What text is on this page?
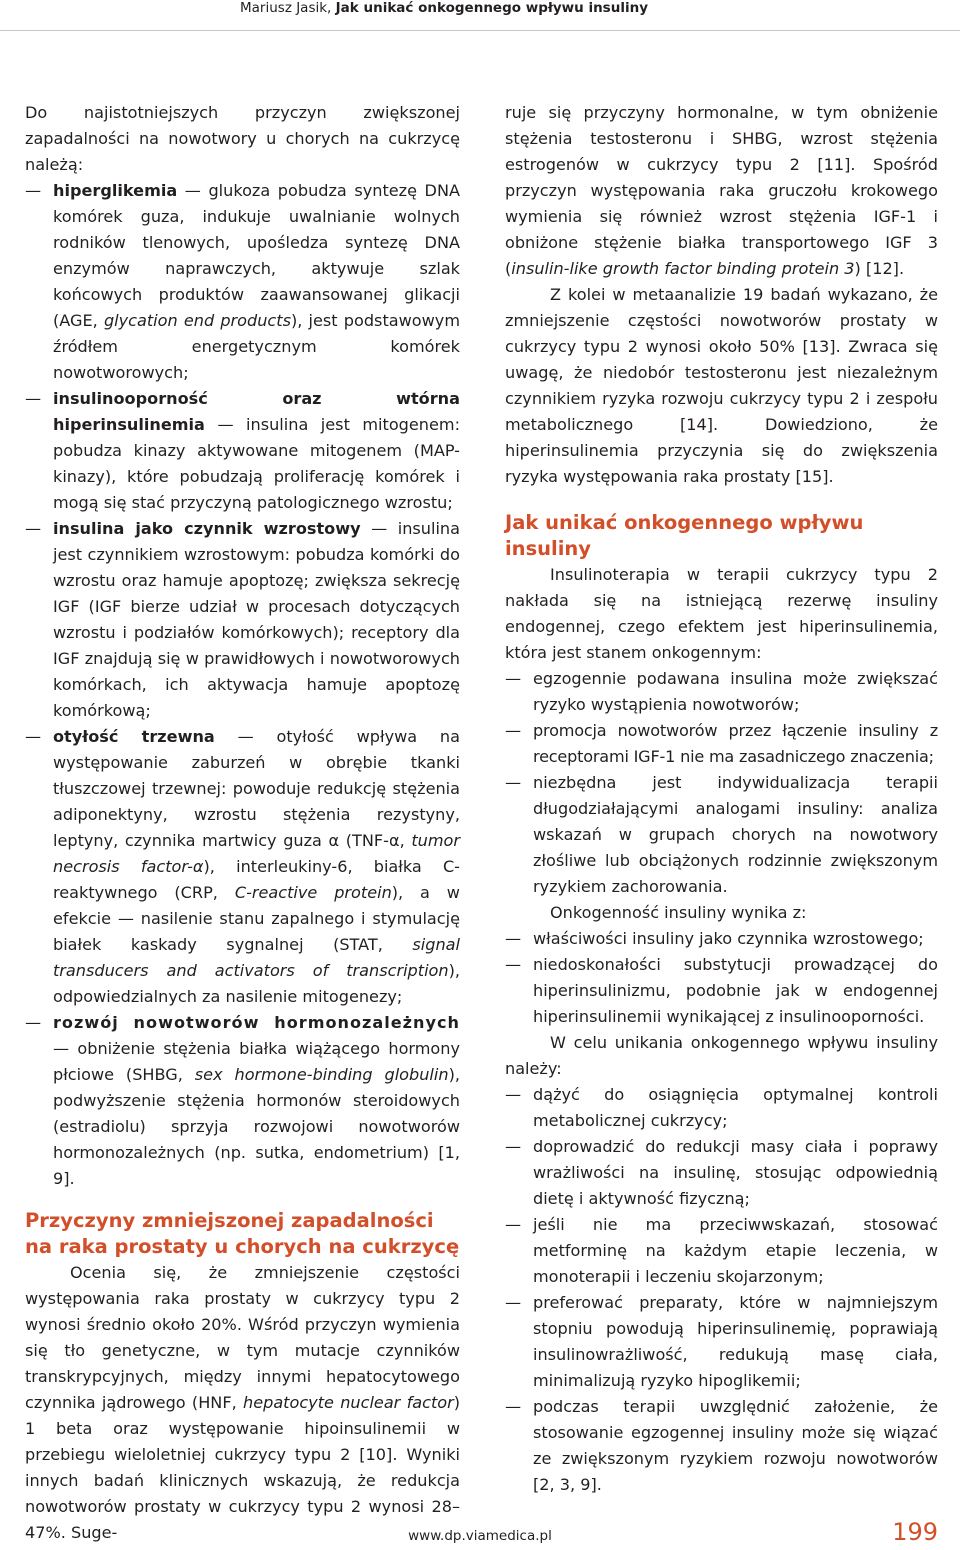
Mariusz Jasik, Jak unikać onkogennego wpływu insuliny

Do najistotniejszych przyczyn zwiększonej zapadalności na nowotwory u chorych na cukrzycę należą:

— hiperglikemia — glukoza pobudza syntezę DNA komórek guza, indukuje uwalnianie wolnych rodników tlenowych, upośledza syntezę DNA enzymów naprawczych, aktywuje szlak końcowych produktów zaawansowanej glikacji (AGE, glycation end products), jest podstawowym źródłem energetycznym komórek nowotworowych;

— insulinooporność oraz wtórna hiperinsulinemia — insulina jest mitogenem: pobudza kinazy aktywowane mitogenem (MAP-kinazy), które pobudzają proliferację komórek i mogą się stać przyczyną patologicznego wzrostu;

— insulina jako czynnik wzrostowy — insulina jest czynnikiem wzrostowym: pobudza komórki do wzrostu oraz hamuje apoptozę; zwiększa sekrecję IGF (IGF bierze udział w procesach dotyczących wzrostu i podziałów komórkowych); receptory dla IGF znajdują się w prawidłowych i nowotworowych komórkach, ich aktywacja hamuje apoptozę komórkową;

— otyłość trzewna — otyłość wpływa na występowanie zaburzeń w obrębie tkanki tłuszczowej trzewnej: powoduje redukcję stężenia adiponektyny, wzrostu stężenia rezystyny, leptyny, czynnika martwicy guza α (TNF-α, tumor necrosis factor-α), interleukiny-6, białka C-reaktywnego (CRP, C-reactive protein), a w efekcie — nasilenie stanu zapalnego i stymulację białek kaskady sygnalnej (STAT, signal transducers and activators of transcription), odpowiedzialnych za nasilenie mitogenezy;

— rozwój nowotworów hormonozależnych — obniżenie stężenia białka wiążącego hormony płciowe (SHBG, sex hormone-binding globulin), podwyższenie stężenia hormonów steroidowych (estradiolu) sprzyja rozwojowi nowotworów hormonozależnych (np. sutka, endometrium) [1, 9].

Przyczyny zmniejszonej zapadalności na raka prostaty u chorych na cukrzycę

Ocenia się, że zmniejszenie częstości występowania raka prostaty w cukrzycy typu 2 wynosi średnio około 20%. Wśród przyczyn wymienia się tło genetyczne, w tym mutacje czynników transkrypcyjnych, między innymi hepatocytowego czynnika jądrowego (HNF, hepatocyte nuclear factor) 1 beta oraz występowanie hipoinsulinemii w przebiegu wieloletniej cukrzycy typu 2 [10]. Wyniki innych badań klinicznych wskazują, że redukcja nowotworów prostaty w cukrzycy typu 2 wynosi 28–47%. Suge-

ruje się przyczyny hormonalne, w tym obniżenie stężenia testosteronu i SHBG, wzrost stężenia estrogenów w cukrzycy typu 2 [11]. Spośród przyczyn występowania raka gruczołu krokowego wymienia się również wzrost stężenia IGF-1 i obniżone stężenie białka transportowego IGF 3 (insulin-like growth factor binding protein 3) [12].

Z kolei w metaanalizie 19 badań wykazano, że zmniejszenie częstości nowotworów prostaty w cukrzycy typu 2 wynosi około 50% [13]. Zwraca się uwagę, że niedobór testosteronu jest niezależnym czynnikiem ryzyka rozwoju cukrzycy typu 2 i zespołu metabolicznego [14]. Dowiedziono, że hiperinsulinemia przyczynia się do zwiększenia ryzyka występowania raka prostaty [15].

Jak unikać onkogennego wpływu insuliny

Insulinoterapia w terapii cukrzycy typu 2 nakłada się na istniejącą rezerwę insuliny endogennej, czego efektem jest hiperinsulinemia, która jest stanem onkogennym:

— egzogennie podawana insulina może zwiększać ryzyko wystąpienia nowotworów;

— promocja nowotworów przez łączenie insuliny z receptorami IGF-1 nie ma zasadniczego znaczenia;

— niezbędna jest indywidualizacja terapii długodziałającymi analogami insuliny: analiza wskazań w grupach chorych na nowotwory złośliwe lub obciążonych rodzinnie zwiększonym ryzykiem zachorowania.

Onkogenność insuliny wynika z:

— właściwości insuliny jako czynnika wzrostowego;

— niedoskonałości substytucji prowadzącej do hiperinsulinizmu, podobnie jak w endogennej hiperinsulinemii wynikającej z insulinooporności.

W celu unikania onkogennego wpływu insuliny należy:

— dążyć do osiągnięcia optymalnej kontroli metabolicznej cukrzycy;

— doprowadzić do redukcji masy ciała i poprawy wrażliwości na insulinę, stosując odpowiednią dietę i aktywność fizyczną;

— jeśli nie ma przeciwwskazań, stosować metforminę na każdym etapie leczenia, w monoterapii i leczeniu skojarzonym;

— preferować preparaty, które w najmniejszym stopniu powodują hiperinsulinemię, poprawiają insulinowrażliwość, redukują masę ciała, minimalizują ryzyko hipoglikemii;

— podczas terapii uwzględnić założenie, że stosowanie egzogennej insuliny może się wiązać ze zwiększonym ryzykiem rozwoju nowotworów [2, 3, 9].

www.dp.viamedica.pl	199
